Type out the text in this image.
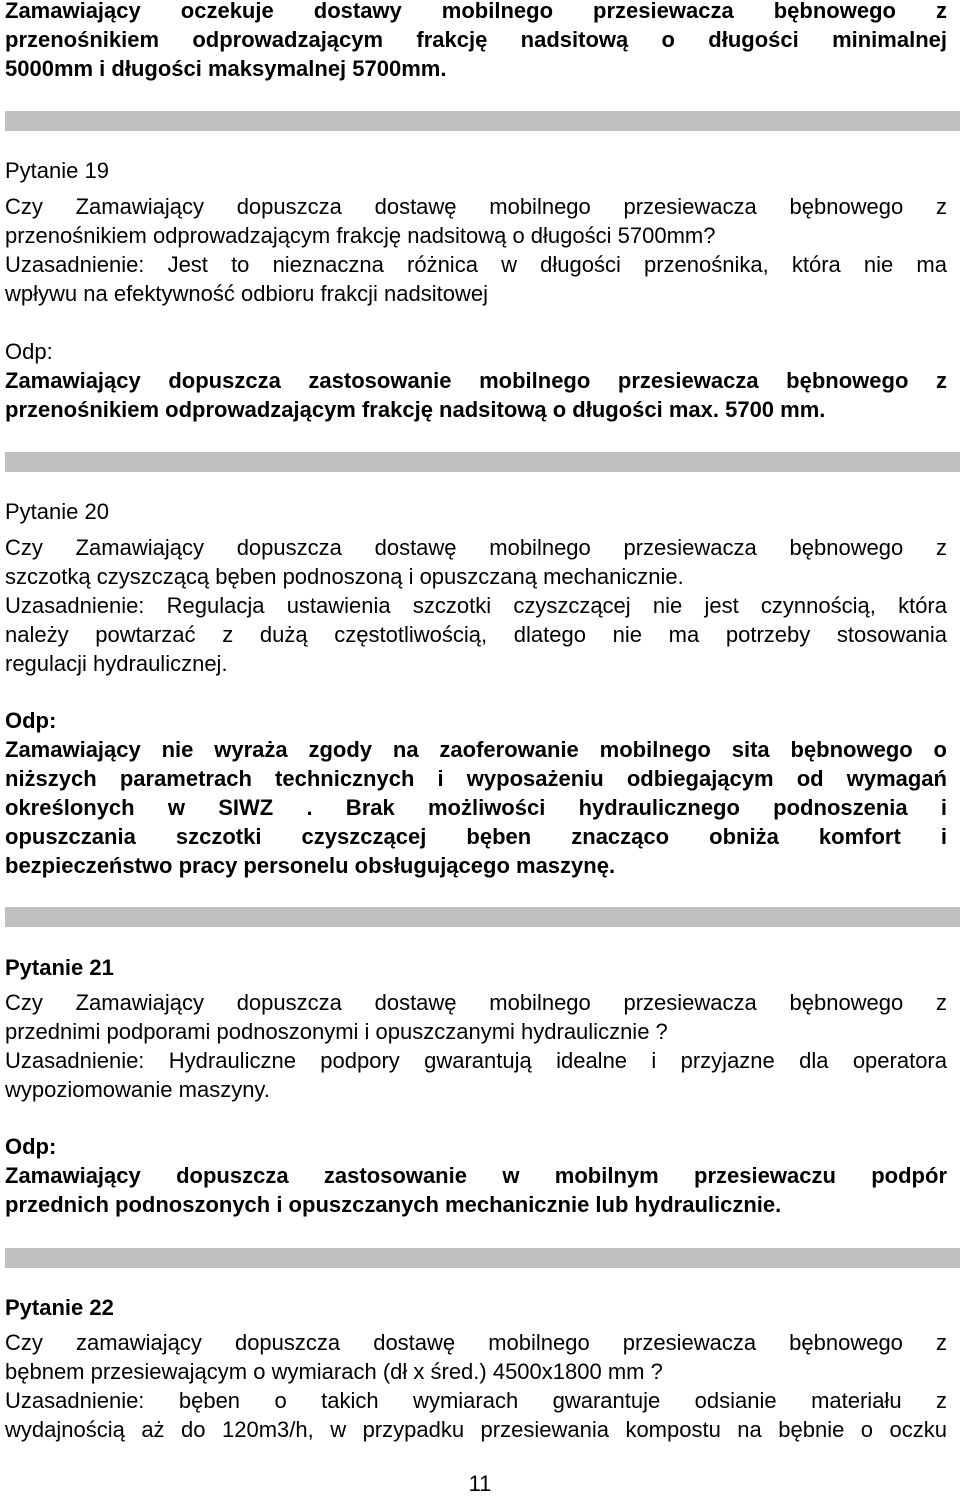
Zamawiający oczekuje dostawy mobilnego przesiewacza bębnowego z
przenośnikiem odprowadzającym frakcję nadsitową o długości minimalnej
5000mm i długości maksymalnej 5700mm.
Pytanie 19
Czy Zamawiający dopuszcza dostawę mobilnego przesiewacza bębnowego z
przenośnikiem odprowadzającym frakcję nadsitową o długości 5700mm?
Uzasadnienie: Jest to nieznaczna różnica w długości przenośnika, która nie ma
wpływu na efektywność odbioru frakcji nadsitowej
Odp:
Zamawiający dopuszcza zastosowanie mobilnego przesiewacza bębnowego z
przenośnikiem odprowadzającym frakcję nadsitową o długości max. 5700 mm.
Pytanie 20
Czy Zamawiający dopuszcza dostawę mobilnego przesiewacza bębnowego z
szczotką czyszczącą bęben podnoszoną i opuszczaną mechanicznie.
Uzasadnienie: Regulacja ustawienia szczotki czyszczącej nie jest czynnością, która
należy powtarzać z dużą częstotliwością, dlatego nie ma potrzeby stosowania
regulacji hydraulicznej.
Odp:
Zamawiający nie wyraża zgody na zaoferowanie mobilnego sita bębnowego o
niższych parametrach technicznych i wyposażeniu odbiegającym od wymagań
określonych w SIWZ . Brak możliwości hydraulicznego podnoszenia i
opuszczania szczotki czyszczącej bęben znacząco obniża komfort i
bezpieczeństwo pracy personelu obsługującego maszynę.
Pytanie 21
Czy Zamawiający dopuszcza dostawę mobilnego przesiewacza bębnowego z
przednimi podporami podnoszonymi i opuszczanymi hydraulicznie ?
Uzasadnienie: Hydrauliczne podpory gwarantują idealne i przyjazne dla operatora
wypoziomowanie maszyny.
Odp:
Zamawiający dopuszcza zastosowanie w mobilnym przesiewaczu podpór
przednich podnoszonych i opuszczanych mechanicznie lub hydraulicznie.
Pytanie 22
Czy zamawiający dopuszcza dostawę mobilnego przesiewacza bębnowego z
bębnem przesiewającym o wymiarach (dł x śred.) 4500x1800 mm ?
Uzasadnienie: bęben o takich wymiarach gwarantuje odsianie materiału z
wydajnością aż do 120m3/h, w przypadku przesiewania kompostu na bębnie o oczku
11
